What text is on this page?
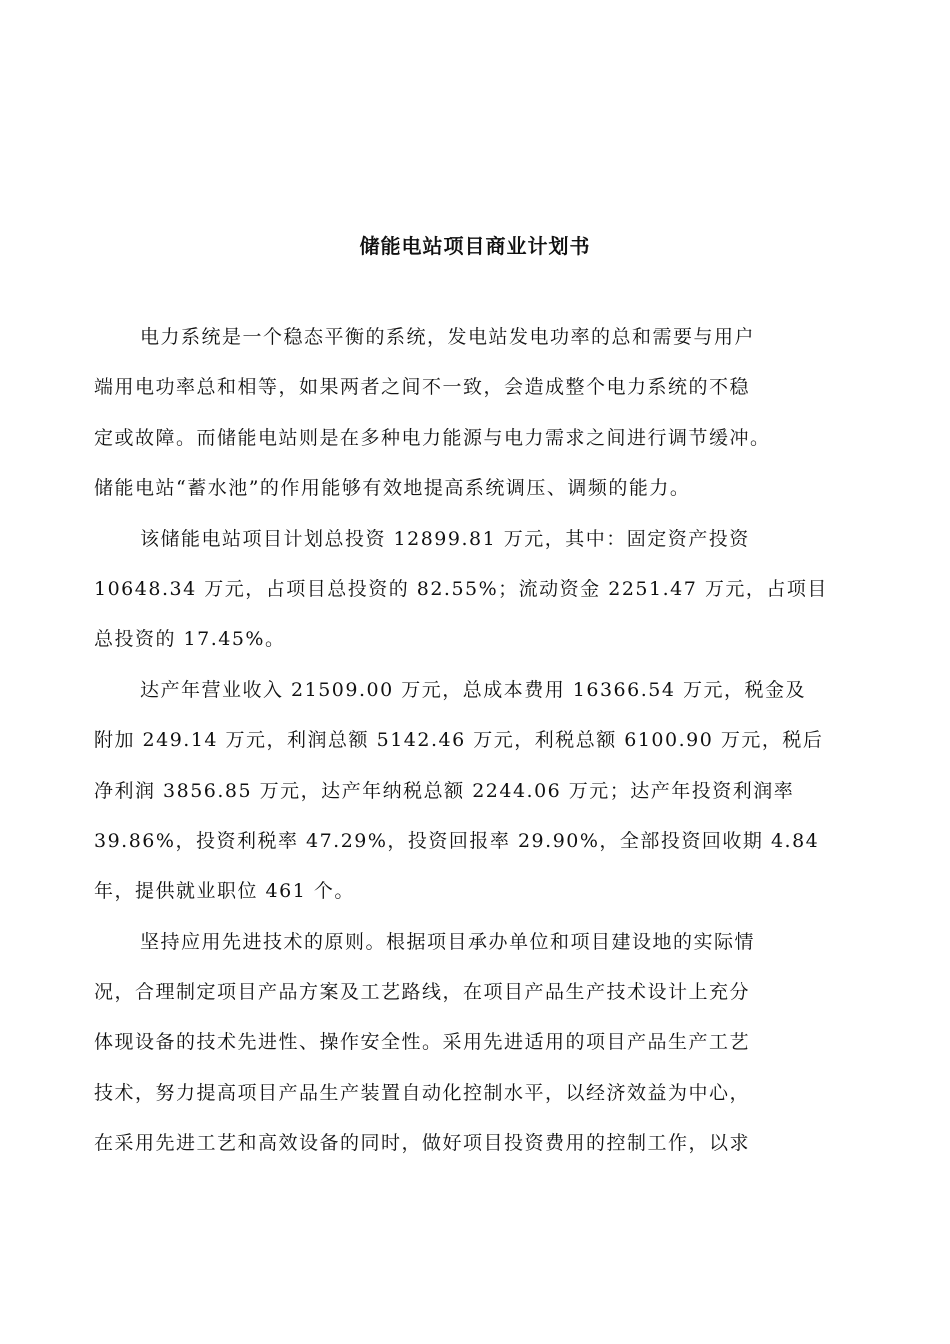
储能电站项目商业计划书
电力系统是一个稳态平衡的系统，发电站发电功率的总和需要与用户
端用电功率总和相等，如果两者之间不一致，会造成整个电力系统的不稳
定或故障。而储能电站则是在多种电力能源与电力需求之间进行调节缓冲。
储能电站“蓄水池”的作用能够有效地提高系统调压、调频的能力。
该储能电站项目计划总投资 12899.81 万元，其中：固定资产投资
10648.34 万元，占项目总投资的 82.55%；流动资金 2251.47 万元，占项目
总投资的 17.45%。
达产年营业收入 21509.00 万元，总成本费用 16366.54 万元，税金及
附加 249.14 万元，利润总额 5142.46 万元，利税总额 6100.90 万元，税后
净利润 3856.85 万元，达产年纳税总额 2244.06 万元；达产年投资利润率
39.86%，投资利税率 47.29%，投资回报率 29.90%，全部投资回收期 4.84
年，提供就业职位 461 个。
坚持应用先进技术的原则。根据项目承办单位和项目建设地的实际情
况，合理制定项目产品方案及工艺路线，在项目产品生产技术设计上充分
体现设备的技术先进性、操作安全性。采用先进适用的项目产品生产工艺
技术，努力提高项目产品生产装置自动化控制水平，以经济效益为中心，
在采用先进工艺和高效设备的同时，做好项目投资费用的控制工作，以求
